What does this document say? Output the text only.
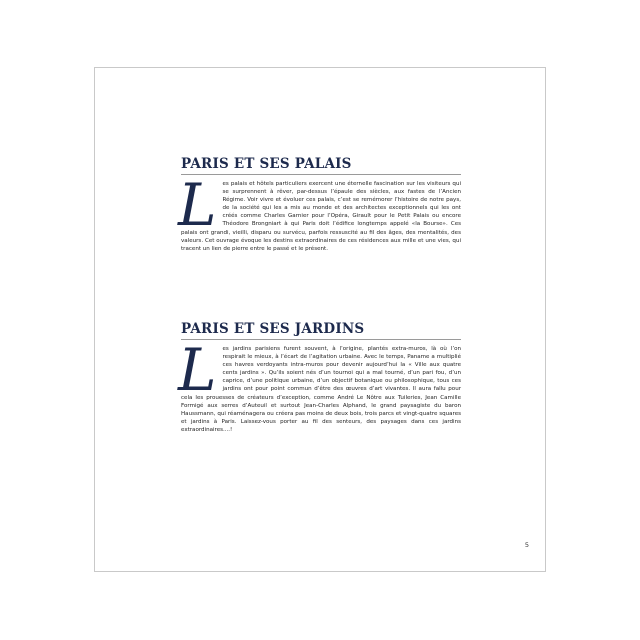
PARIS ET SES PALAIS
L es palais et hôtels particuliers exercent une éternelle fascination sur les visiteurs qui se surprennent à rêver, par-dessus l’épaule des siècles, aux fastes de l’Ancien Régime. Voir vivre et évoluer ces palais, c’est se remémorer l’histoire de notre pays, de la société qui les a mis au monde et des architectes exceptionnels qui les ont créés comme Charles Garnier pour l’Opéra, Girault pour le Petit Palais ou encore Théodore Brongniart à qui Paris doit l’édifice longtemps appelé «la Bourse». Ces palais ont grandi, vieilli, disparu ou survécu, parfois ressuscité au fil des âges, des mentalités, des valeurs. Cet ouvrage évoque les destins extraordinaires de ces résidences aux mille et une vies, qui tracent un lien de pierre entre le passé et le présent.
PARIS ET SES JARDINS
L es jardins parisiens furent souvent, à l’origine, plantés extra-muros, là où l’on respirait le mieux, à l’écart de l’agitation urbaine. Avec le temps, Paname a multiplié ces havres verdoyants intra-muros pour devenir aujourd’hui la « Ville aux quatre cents jardins ». Qu’ils soient nés d’un tournoi qui a mal tourné, d’un pari fou, d’un caprice, d’une politique urbaine, d’un objectif botanique ou philosophique, tous ces jardins ont pour point commun d’être des œuvres d’art vivantes. Il aura fallu pour cela les prouesses de créateurs d’exception, comme André Le Nôtre aux Tuileries, Jean Camille Formigé aux serres d’Auteuil et surtout Jean-Charles Alphand, le grand paysagiste du baron Haussmann, qui réaménagera ou créera pas moins de deux bois, trois parcs et vingt-quatre squares et jardins à Paris. Laissez-vous porter au fil des senteurs, des paysages dans ces jardins extraordinaires....!
5
